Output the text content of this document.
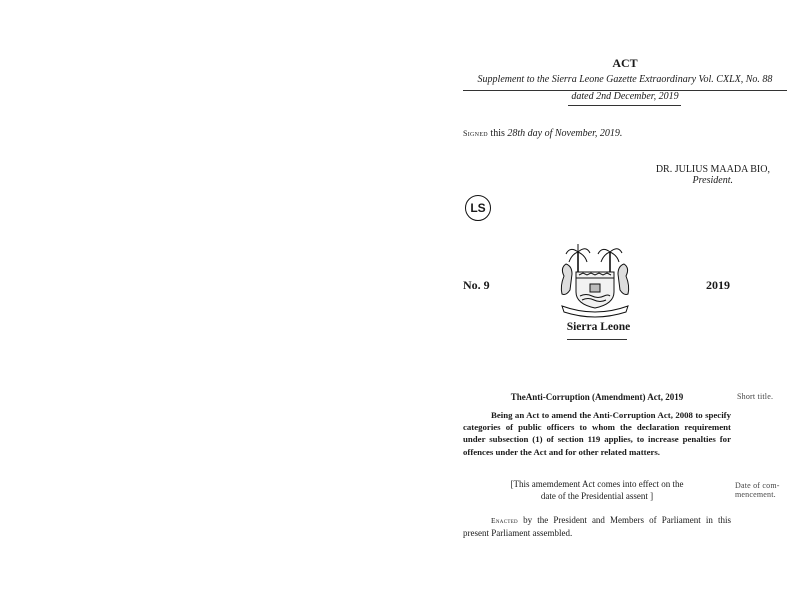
ACT
Supplement to the Sierra Leone Gazette Extraordinary Vol. CXLX, No. 88
dated 2nd December, 2019
Signed this 28th day of November, 2019.
DR. JULIUS MAADA BIO,
President.
LS
No. 9	2019
Sierra Leone
TheAnti-Corruption (Amendment) Act, 2019	Short title.
Being an Act to amend the Anti-Corruption Act, 2008 to specify categories of public officers to whom the declaration requirement under subsection (1) of section 119 applies, to increase penalties for offences under the Act and for other related matters.
[This amemdement Act comes into effect on the
date of the Presidential assent ]
Date of com- mencement.
Enacted by the President and Members of Parliament in this present Parliament assembled.
